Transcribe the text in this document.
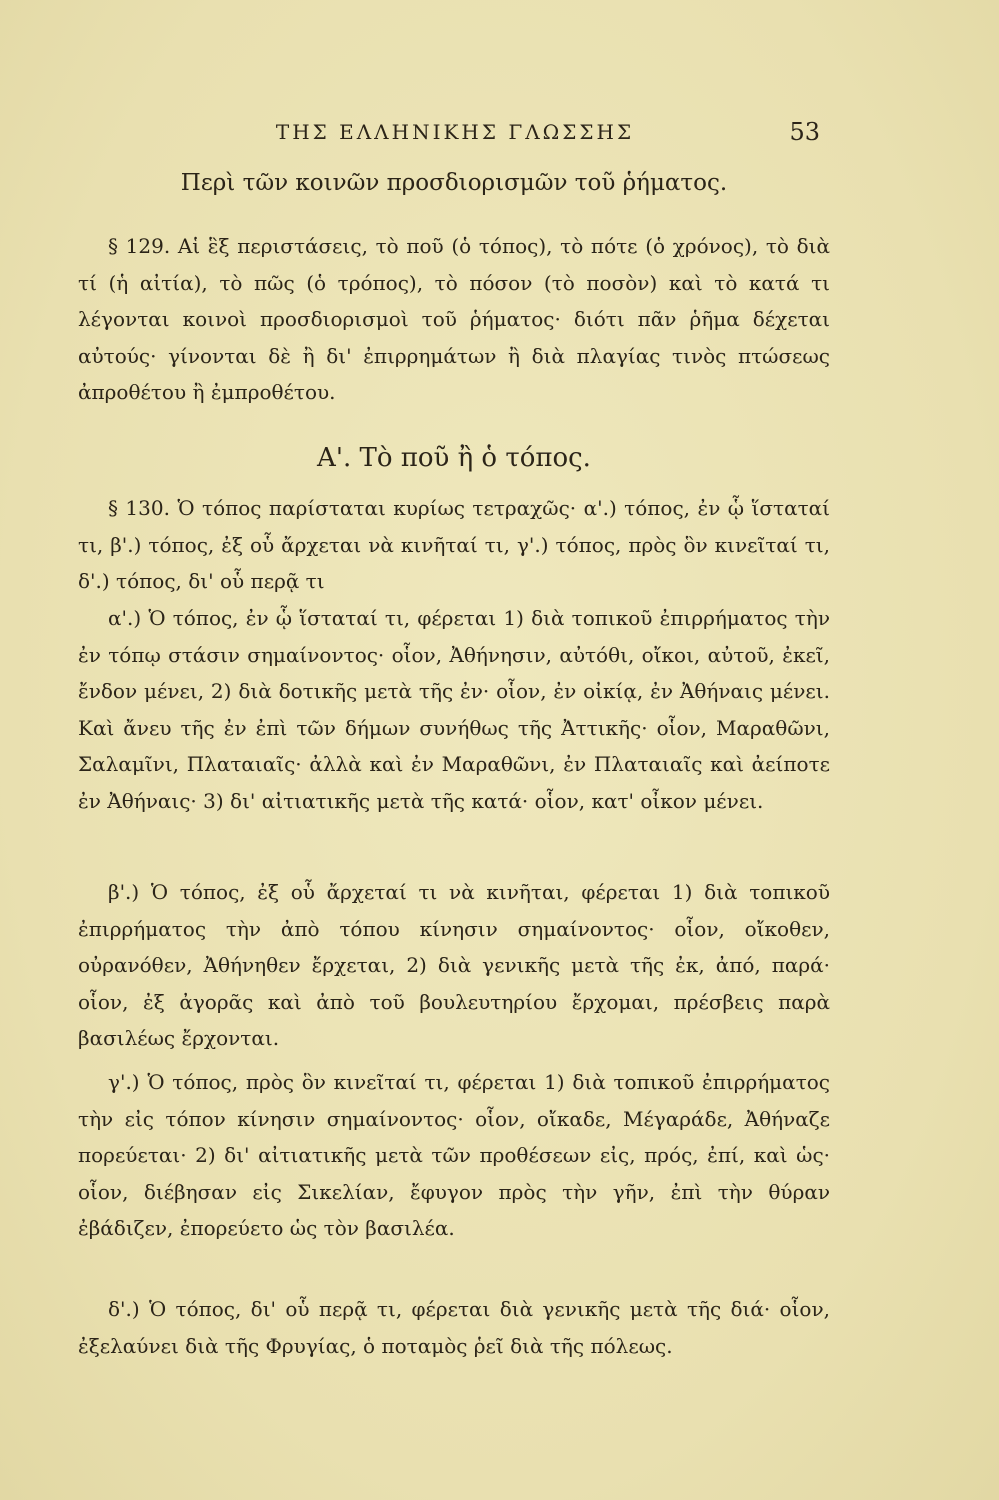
ΤΗΣ ΕΛΛΗΝΙΚΗΣ ΓΛΩΣΣΗΣ	53
Περὶ τῶν κοινῶν προσδιορισμῶν τοῦ ῥήματος.

§ 129. Αἱ ἓξ περιστάσεις, τὸ ποῦ (ὁ τόπος), τὸ πότε (ὁ χρόνος), τὸ διὰ τί (ἡ αἰτία), τὸ πῶς (ὁ τρόπος), τὸ πόσον (τὸ ποσὸν) καὶ τὸ κατά τι λέγονται κοινοὶ προσδιορισμοὶ τοῦ ῥήματος· διότι πᾶν ῥῆμα δέχεται αὐτούς· γίνονται δὲ ἢ δι' ἐπιρρημάτων ἢ διὰ πλαγίας τινὸς πτώσεως ἀπροθέτου ἢ ἐμπροθέτου.

Α'. Τὸ ποῦ ἢ ὁ τόπος.

§ 130. Ὁ τόπος παρίσταται κυρίως τετραχῶς· α'.) τόπος, ἐν ᾧ ἵσταταί τι, β'.) τόπος, ἐξ οὗ ἄρχεται νὰ κινῆταί τι, γ'.) τόπος, πρὸς ὃν κινεῖταί τι, δ'.) τόπος, δι' οὗ περᾷ τι

α'.) Ὁ τόπος, ἐν ᾧ ἵσταταί τι, φέρεται 1) διὰ τοπικοῦ ἐπιρρήματος τὴν ἐν τόπῳ στάσιν σημαίνοντος· οἷον, Ἀθήνησιν, αὐτόθι, οἴκοι, αὐτοῦ, ἐκεῖ, ἔνδον μένει, 2) διὰ δοτικῆς μετὰ τῆς ἐν· οἷον, ἐν οἰκίᾳ, ἐν Ἀθήναις μένει. Καὶ ἄνευ τῆς ἐν ἐπὶ τῶν δήμων συνήθως τῆς Ἀττικῆς· οἷον, Μαραθῶνι, Σαλαμῖνι, Πλαταιαῖς· ἀλλὰ καὶ ἐν Μαραθῶνι, ἐν Πλαταιαῖς καὶ ἀείποτε ἐν Ἀθήναις· 3) δι' αἰτιατικῆς μετὰ τῆς κατά· οἷον, κατ' οἶκον μένει.

β'.) Ὁ τόπος, ἐξ οὗ ἄρχεταί τι νὰ κινῆται, φέρεται 1) διὰ τοπικοῦ ἐπιρρήματος τὴν ἀπὸ τόπου κίνησιν σημαίνοντος· οἷον, οἴκοθεν, οὐρανόθεν, Ἀθήνηθεν ἔρχεται, 2) διὰ γενικῆς μετὰ τῆς ἐκ, ἀπό, παρά· οἷον, ἐξ ἀγορᾶς καὶ ἀπὸ τοῦ βουλευτηρίου ἔρχομαι, πρέσβεις παρὰ βασιλέως ἔρχονται.

γ'.) Ὁ τόπος, πρὸς ὃν κινεῖταί τι, φέρεται 1) διὰ τοπικοῦ ἐπιρρήματος τὴν εἰς τόπον κίνησιν σημαίνοντος· οἷον, οἴκαδε, Μέγαράδε, Ἀθήναζε πορεύεται· 2) δι' αἰτιατικῆς μετὰ τῶν προθέσεων εἰς, πρός, ἐπί, καὶ ὡς· οἷον, διέβησαν εἰς Σικελίαν, ἔφυγον πρὸς τὴν γῆν, ἐπὶ τὴν θύραν ἐβάδιζεν, ἐπορεύετο ὡς τὸν βασιλέα.

δ'.) Ὁ τόπος, δι' οὗ περᾷ τι, φέρεται διὰ γενικῆς μετὰ τῆς διά· οἷον, ἐξελαύνει διὰ τῆς Φρυγίας, ὁ ποταμὸς ῥεῖ διὰ τῆς πόλεως.
